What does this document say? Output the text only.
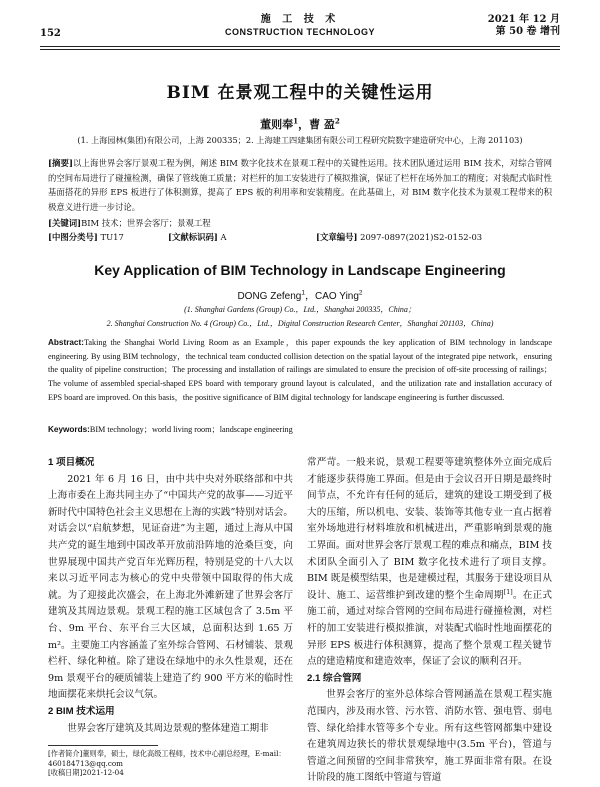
施 工 技 术
CONSTRUCTION TECHNOLOGY
152
2021 年 12 月
第 50 卷 增刊
BIM 在景观工程中的关键性运用
董则奉$^1$，曹 盈$^2$
(1. 上海园林(集团)有限公司，上海 200335；2. 上海建工四建集团有限公司工程研究院数字建造研究中心，上海 201103)
[摘要]以上海世界会客厅景观工程为例，阐述 BIM 数字化技术在景观工程中的关键性运用。技术团队通过运用 BIM 技术，对综合管网的空间布局进行了碰撞检测，确保了管线施工质量；对栏杆的加工安装进行了模拟推演，保证了栏杆在场外加工的精度；对装配式临时性基面搭花的异形 EPS 板进行了体积测算，提高了 EPS 板的利用率和安装精度。在此基础上，对 BIM 数字化技术为景观工程带来的积极意义进行进一步讨论。
[关键词]BIM 技术；世界会客厅；景观工程
[中图分类号] TU17	[文献标识码] A	[文章编号] 2097-0897(2021)S2-0152-03
Key Application of BIM Technology in Landscape Engineering
DONG Zefeng$^1$，CAO Ying$^2$
(1. Shanghai Gardens (Group) Co.，Ltd.，Shanghai 200335，China；
2. Shanghai Construction No. 4 (Group) Co.，Ltd.，Digital Construction Research Center，Shanghai 201103，China)
Abstract:Taking the Shanghai World Living Room as an Example，this paper expounds the key application of BIM technology in landscape engineering. By using BIM technology，the technical team conducted collision detection on the spatial layout of the integrated pipe network，ensuring the quality of pipeline construction；The processing and installation of railings are simulated to ensure the precision of off-site processing of railings；The volume of assembled special-shaped EPS board with temporary ground layout is calculated，and the utilization rate and installation accuracy of EPS board are improved. On this basis，the positive significance of BIM digital technology for landscape engineering is further discussed.
Keywords:BIM technology；world living room；landscape engineering

1 项目概况

2021 年 6 月 16 日，由中共中央对外联络部和中共上海市委在上海共同主办了“中国共产党的故事——习近平新时代中国特色社会主义思想在上海的实践”特别对话会。对话会以“启航梦想，见证奋进”为主题，通过上海从中国共产党的诞生地到中国改革开放前沿阵地的沧桑巨变，向世界展现中国共产党百年光辉历程，特别是党的十八大以来以习近平同志为核心的党中央带领中国取得的伟大成就。为了迎接此次盛会，在上海北外滩新建了世界会客厅建筑及其周边景观。景观工程的施工区域包含了 3.5m 平台、9m 平台、东平台三大区域，总面积达到 1.65 万 m²。主要施工内容涵盖了室外综合管网、石材铺装、景观栏杆、绿化种植。除了建设在绿地中的永久性景观，还在 9m 景观平台的硬质铺装上建造了约 900 平方米的临时性地面摆花来烘托会议气氛。

2 BIM 技术运用

世界会客厅建筑及其周边景观的整体建造工期非

常严苛。一般来说，景观工程要等建筑整体外立面完成后才能逐步获得施工界面。但是由于会议召开日期是最终时间节点，不允许有任何的延后，建筑的建设工期受到了极大的压缩，所以机电、安装、装饰等其他专业一直占据着室外场地进行材料堆放和机械进出，严重影响到景观的施工界面。面对世界会客厅景观工程的难点和痛点，BIM 技术团队全面引入了 BIM 数字化技术进行了项目支撑。BIM 既是模型结果，也是建模过程，其服务于建设项目从设计、施工、运营维护到改建的整个生命周期[1]。在正式施工前，通过对综合管网的空间布局进行碰撞检测，对栏杆的加工安装进行模拟推演，对装配式临时性地面摆花的异形 EPS 板进行体积测算，提高了整个景观工程关键节点的建造精度和建造效率，保证了会议的顺利召开。

2.1 综合管网

世界会客厅的室外总体综合管网涵盖在景观工程实施范围内，涉及雨水管、污水管、消防水管、强电管、弱电管、绿化给排水管等多个专业。所有这些管网都集中建设在建筑周边狭长的带状景观绿地中(3.5m 平台)，管道与管道之间预留的空间非常狭窄，施工界面非常有限。在设计阶段的施工图纸中管道与管道

[作者简介]董则奉，硕士，绿化高级工程师，技术中心副总经理，E-mail：460184713@qq.com
[收稿日期]2021-12-04
